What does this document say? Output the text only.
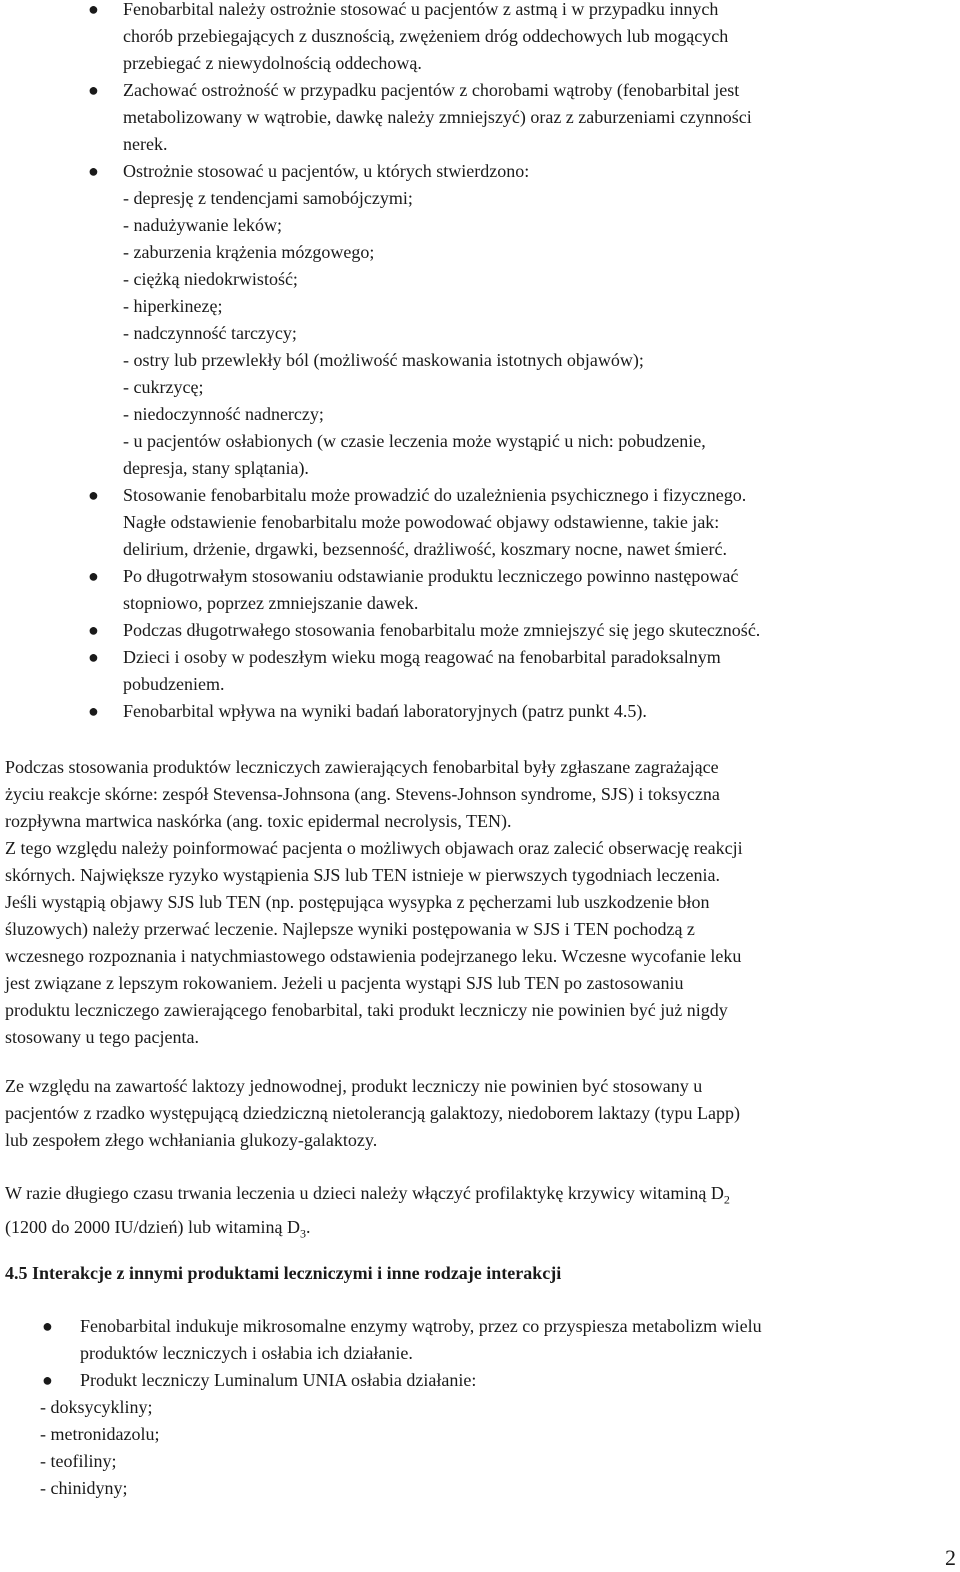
● Fenobarbital należy ostrożnie stosować u pacjentów z astmą i w przypadku innych
chorób przebiegających z dusznością, zwężeniem dróg oddechowych lub mogących
przebiegać z niewydolnością oddechową.
● Zachować ostrożność w przypadku pacjentów z chorobami wątroby (fenobarbital jest
metabolizowany w wątrobie, dawkę należy zmniejszyć) oraz z zaburzeniami czynności
nerek.
● Ostrożnie stosować u pacjentów, u których stwierdzono:
- depresję z tendencjami samobójczymi;
- nadużywanie leków;
- zaburzenia krążenia mózgowego;
- ciężką niedokrwistość;
- hiperkinezę;
- nadczynność tarczycy;
- ostry lub przewlekły ból (możliwość maskowania istotnych objawów);
- cukrzycę;
- niedoczynność nadnerczy;
- u pacjentów osłabionych (w czasie leczenia może wystąpić u nich: pobudzenie,
depresja, stany splątania).
● Stosowanie fenobarbitalu może prowadzić do uzależnienia psychicznego i fizycznego.
Nagłe odstawienie fenobarbitalu może powodować objawy odstawienne, takie jak:
delirium, drżenie, drgawki, bezsenność, drażliwość, koszmary nocne, nawet śmierć.
● Po długotrwałym stosowaniu odstawianie produktu leczniczego powinno następować
stopniowo, poprzez zmniejszanie dawek.
● Podczas długotrwałego stosowania fenobarbitalu może zmniejszyć się jego skuteczność.
● Dzieci i osoby w podeszłym wieku mogą reagować na fenobarbital paradoksalnym
pobudzeniem.
● Fenobarbital wpływa na wyniki badań laboratoryjnych (patrz punkt 4.5).
Podczas stosowania produktów leczniczych zawierających fenobarbital były zgłaszane zagrażające
życiu reakcje skórne: zespół Stevensa-Johnsona (ang. Stevens-Johnson syndrome, SJS) i toksyczna
rozpływna martwica naskórka (ang. toxic epidermal necrolysis, TEN).
Z tego względu należy poinformować pacjenta o możliwych objawach oraz zalecić obserwację reakcji
skórnych. Największe ryzyko wystąpienia SJS lub TEN istnieje w pierwszych tygodniach leczenia.
Jeśli wystąpią objawy SJS lub TEN (np. postępująca wysypka z pęcherzami lub uszkodzenie błon
śluzowych) należy przerwać leczenie. Najlepsze wyniki postępowania w SJS i TEN pochodzą z
wczesnego rozpoznania i natychmiastowego odstawienia podejrzanego leku. Wczesne wycofanie leku
jest związane z lepszym rokowaniem. Jeżeli u pacjenta wystąpi SJS lub TEN po zastosowaniu
produktu leczniczego zawierającego fenobarbital, taki produkt leczniczy nie powinien być już nigdy
stosowany u tego pacjenta.
Ze względu na zawartość laktozy jednowodnej, produkt leczniczy nie powinien być stosowany u
pacjentów z rzadko występującą dziedziczną nietolerancją galaktozy, niedoborem laktazy (typu Lapp)
lub zespołem złego wchłaniania glukozy-galaktozy.
W razie długiego czasu trwania leczenia u dzieci należy włączyć profilaktykę krzywicy witaminą $D_2$
(1200 do 2000 IU/dzień) lub witaminą $D_3$.
4.5 Interakcje z innymi produktami leczniczymi i inne rodzaje interakcji
● Fenobarbital indukuje mikrosomalne enzymy wątroby, przez co przyspiesza metabolizm wielu
produktów leczniczych i osłabia ich działanie.
● Produkt leczniczy Luminalum UNIA osłabia działanie:
- doksycykliny;
- metronidazolu;
- teofiliny;
- chinidyny;
2
